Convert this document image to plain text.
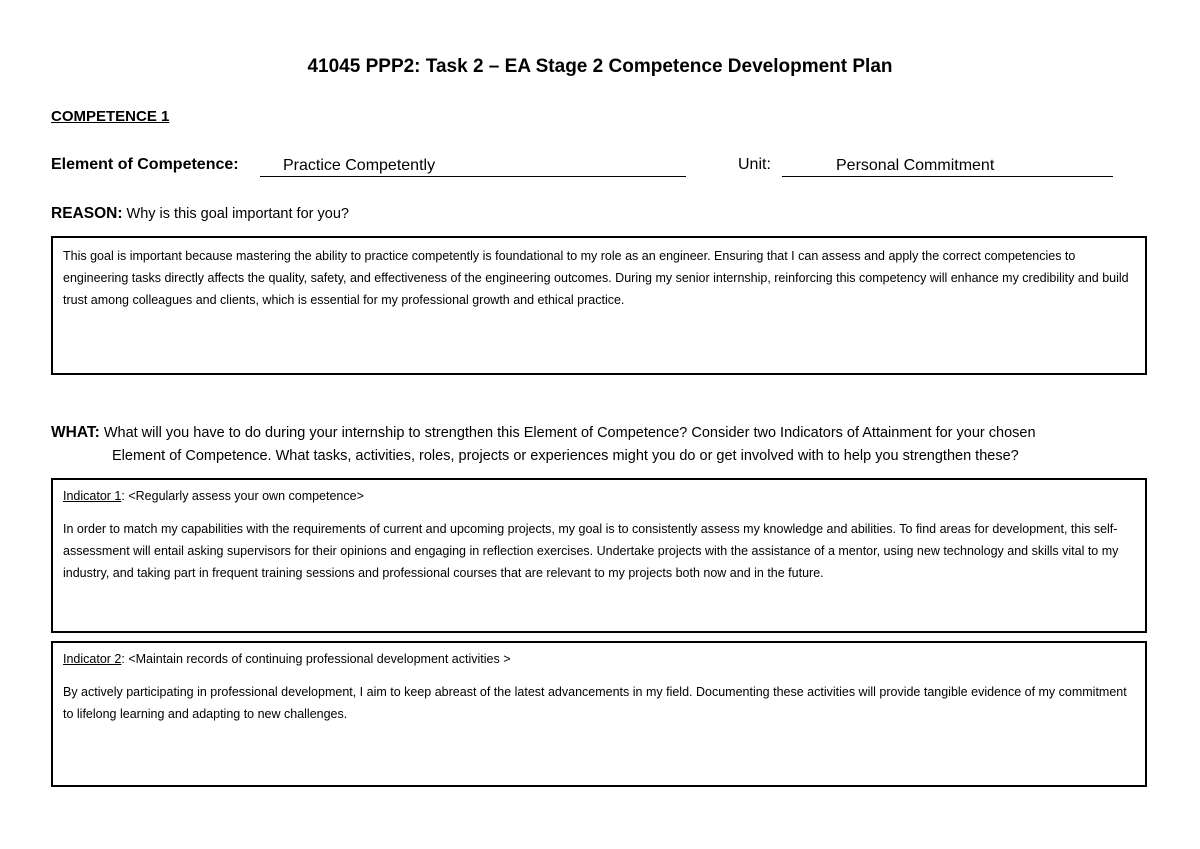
41045 PPP2: Task 2 – EA Stage 2 Competence Development Plan
COMPETENCE 1
Element of Competence:	Practice Competently	Unit:	Personal Commitment
REASON: Why is this goal important for you?

This goal is important because mastering the ability to practice competently is foundational to my role as an engineer. Ensuring that I can assess and apply the correct competencies to engineering tasks directly affects the quality, safety, and effectiveness of the engineering outcomes. During my senior internship, reinforcing this competency will enhance my credibility and build trust among colleagues and clients, which is essential for my professional growth and ethical practice.

WHAT: What will you have to do during your internship to strengthen this Element of Competence? Consider two Indicators of Attainment for your chosen
Element of Competence. What tasks, activities, roles, projects or experiences might you do or get involved with to help you strengthen these?
Indicator 1: <Regularly assess your own competence>

In order to match my capabilities with the requirements of current and upcoming projects, my goal is to consistently assess my knowledge and abilities. To find areas for development, this self-assessment will entail asking supervisors for their opinions and engaging in reflection exercises. Undertake projects with the assistance of a mentor, using new technology and skills vital to my industry, and taking part in frequent training sessions and professional courses that are relevant to my projects both now and in the future.

Indicator 2: <Maintain records of continuing professional development activities >

By actively participating in professional development, I aim to keep abreast of the latest advancements in my field. Documenting these activities will provide tangible evidence of my commitment to lifelong learning and adapting to new challenges.
